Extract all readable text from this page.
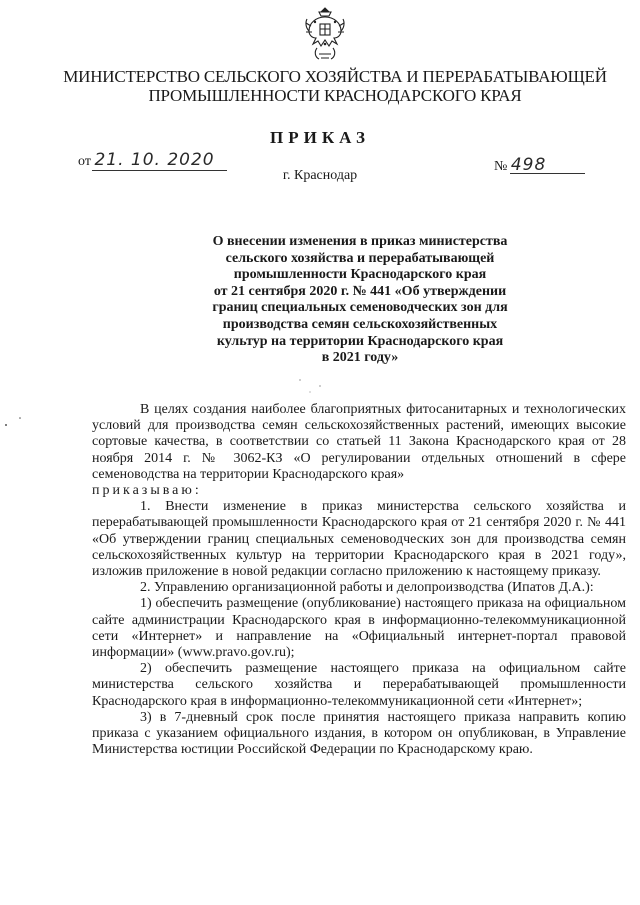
МИНИСТЕРСТВО СЕЛЬСКОГО ХОЗЯЙСТВА И ПЕРЕРАБАТЫВАЮЩЕЙ
ПРОМЫШЛЕННОСТИ КРАСНОДАРСКОГО КРАЯ
ПРИКАЗ
от 21. 10. 2020	№ 498
г. Краснодар
О внесении изменения в приказ министерства
сельского хозяйства и перерабатывающей
промышленности Краснодарского края
от 21 сентября 2020 г. № 441 «Об утверждении
границ специальных семеноводческих зон для
производства семян сельскохозяйственных
культур на территории Краснодарского края
в 2021 году»

В целях создания наиболее благоприятных фитосанитарных и технологических условий для производства семян сельскохозяйственных растений, имеющих высокие сортовые качества, в соответствии со статьей 11 Закона Краснодарского края от 28 ноября 2014 г. № 3062-КЗ «О регулировании отдельных отношений в сфере семеноводства на территории Краснодарского края»

приказываю:

1. Внести изменение в приказ министерства сельского хозяйства и перерабатывающей промышленности Краснодарского края от 21 сентября 2020 г. № 441 «Об утверждении границ специальных семеноводческих зон для производства семян сельскохозяйственных культур на территории Краснодарского края в 2021 году», изложив приложение в новой редакции согласно приложению к настоящему приказу.

2. Управлению организационной работы и делопроизводства (Ипатов Д.А.):

1) обеспечить размещение (опубликование) настоящего приказа на официальном сайте администрации Краснодарского края в информационно-телекоммуникационной сети «Интернет» и направление на «Официальный интернет-портал правовой информации» (www.pravo.gov.ru);

2) обеспечить размещение настоящего приказа на официальном сайте министерства сельского хозяйства и перерабатывающей промышленности Краснодарского края в информационно-телекоммуникационной сети «Интернет»;

3) в 7-дневный срок после принятия настоящего приказа направить копию приказа с указанием официального издания, в котором он опубликован, в Управление Министерства юстиции Российской Федерации по Краснодарскому краю.
